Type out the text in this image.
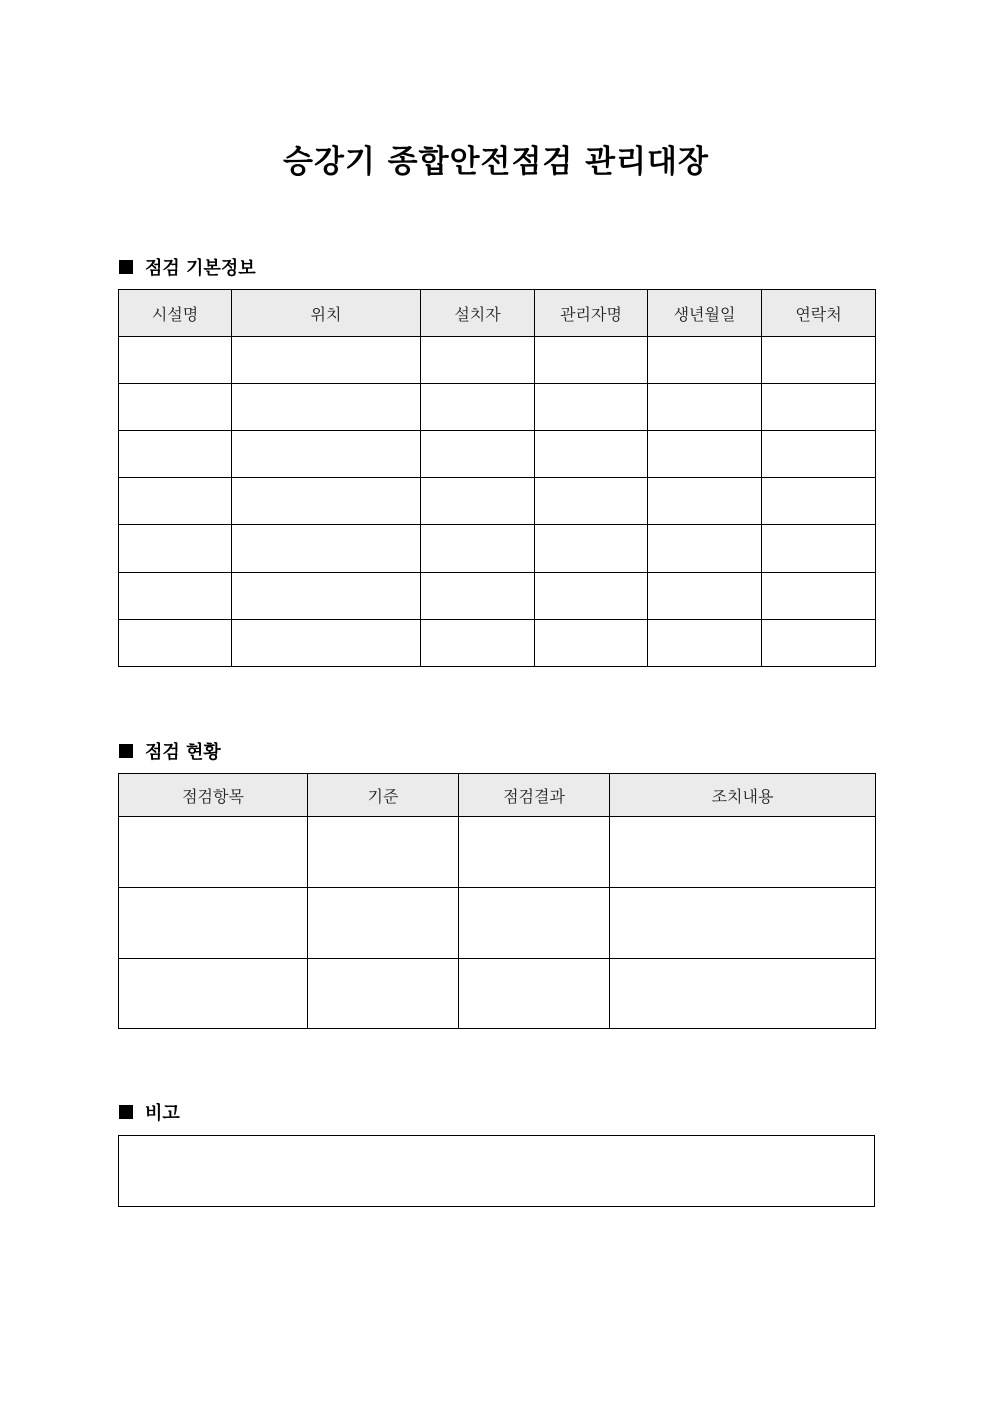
승강기 종합안전점검 관리대장
점검 기본정보
시설명	위치	설치자	관리자명	생년월일	연락처

점검 현황
점검항목	기준	점검결과	조치내용

비고
